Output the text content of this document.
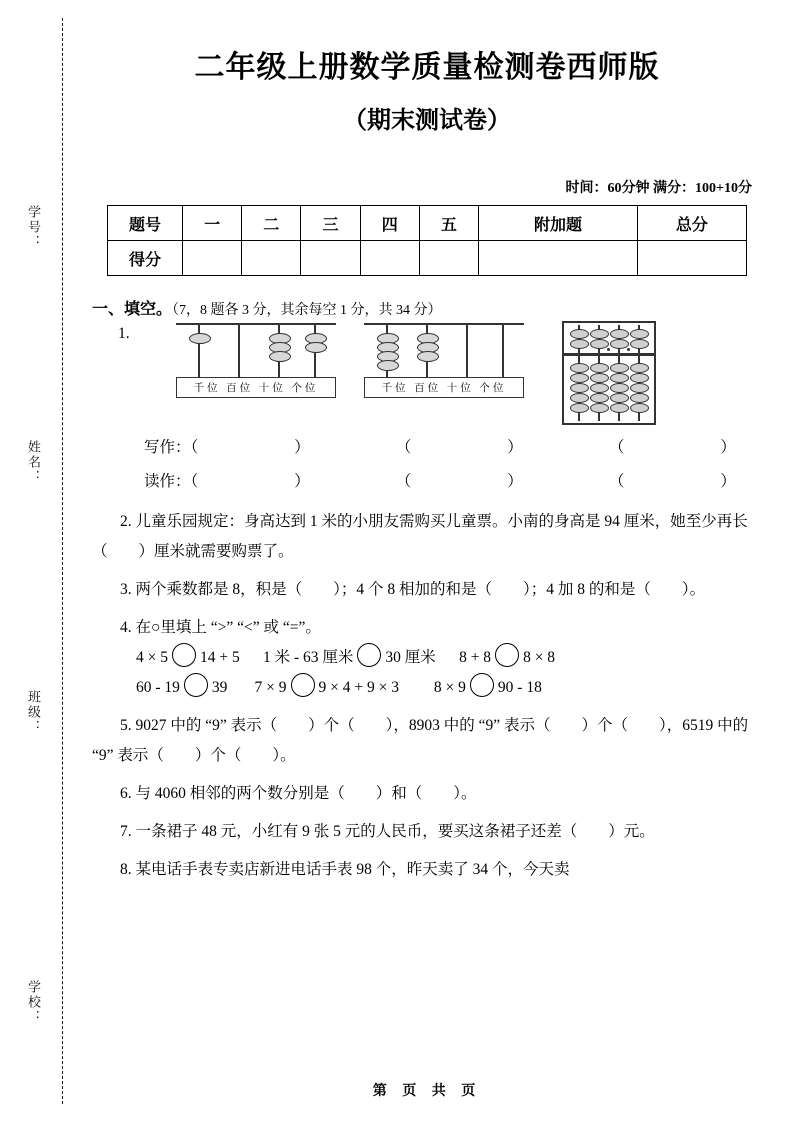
学号：
姓名：
班级：
学校：
二年级上册数学质量检测卷西师版
（期末测试卷）
时间：60分钟 满分：100+10分
题号	一	二	三	四	五	附加题	总分
得分							
一、填空。（7，8 题各 3 分，其余每空 1 分，共 34 分）
1.
千位 百位 十位 个位	千位 百位 十位 个位
写作：（	）	（	）	（	）
读作：（	）	（	）	（	）
2. 儿童乐园规定：身高达到 1 米的小朋友需购买儿童票。小南的身高是 94 厘米，她至少再长（　　）厘米就需要购票了。
3. 两个乘数都是 8，积是（　　）；4 个 8 相加的和是（　　）；4 加 8 的和是（　　）。
4. 在○里填上 “>” “<” 或 “=”。
4 × 5 14 + 5 1 米 - 63 厘米 30 厘米 8 + 8 8 × 8
60 - 19 39 7 × 9 9 × 4 + 9 × 3 8 × 9 90 - 18
5. 9027 中的 “9” 表示（　　）个（　　），8903 中的 “9” 表示（　　）个（　　），6519 中的 “9” 表示（　　）个（　　）。
6. 与 4060 相邻的两个数分别是（　　）和（　　）。
7. 一条裙子 48 元，小红有 9 张 5 元的人民币，要买这条裙子还差（　　）元。
8. 某电话手表专卖店新进电话手表 98 个，昨天卖了 34 个，今天卖
第 页 共 页
